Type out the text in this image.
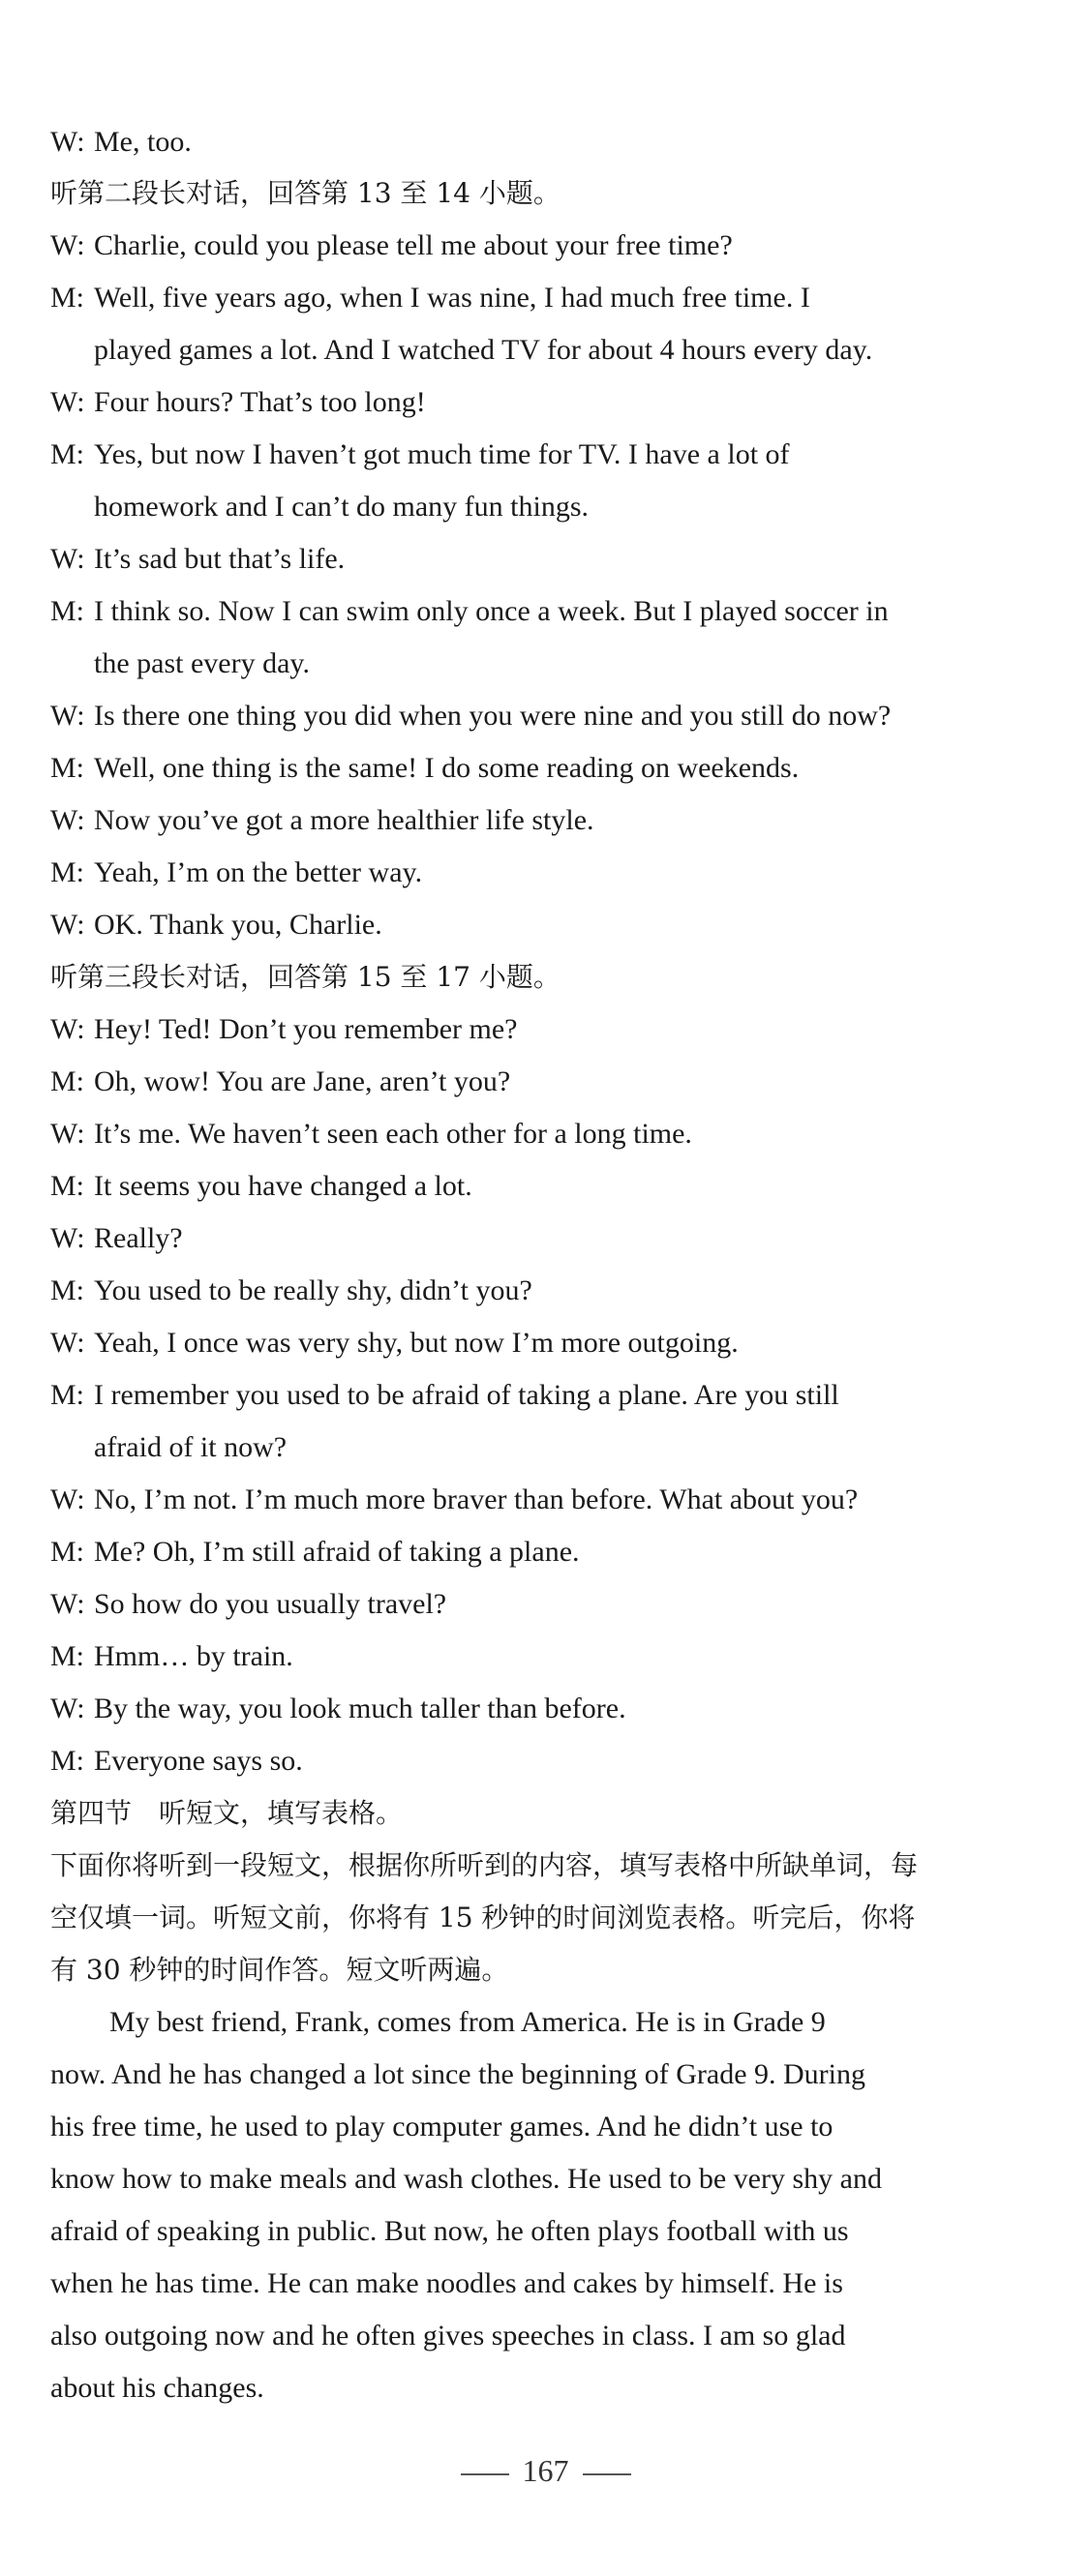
W: Me, too.
听第二段长对话，回答第 13 至 14 小题。
W: Charlie, could you please tell me about your free time?
M: Well, five years ago, when I was nine, I had much free time. I
played games a lot. And I watched TV for about 4 hours every day.
W: Four hours? That’s too long!
M: Yes, but now I haven’t got much time for TV. I have a lot of
homework and I can’t do many fun things.
W: It’s sad but that’s life.
M: I think so. Now I can swim only once a week. But I played soccer in
the past every day.
W: Is there one thing you did when you were nine and you still do now?
M: Well, one thing is the same! I do some reading on weekends.
W: Now you’ve got a more healthier life style.
M: Yeah, I’m on the better way.
W: OK. Thank you, Charlie.
听第三段长对话，回答第 15 至 17 小题。
W: Hey! Ted! Don’t you remember me?
M: Oh, wow! You are Jane, aren’t you?
W: It’s me. We haven’t seen each other for a long time.
M: It seems you have changed a lot.
W: Really?
M: You used to be really shy, didn’t you?
W: Yeah, I once was very shy, but now I’m more outgoing.
M: I remember you used to be afraid of taking a plane. Are you still
afraid of it now?
W: No, I’m not. I’m much more braver than before. What about you?
M: Me? Oh, I’m still afraid of taking a plane.
W: So how do you usually travel?
M: Hmm… by train.
W: By the way, you look much taller than before.
M: Everyone says so.
第四节　听短文，填写表格。
下面你将听到一段短文，根据你所听到的内容，填写表格中所缺单词，每
空仅填一词。听短文前，你将有 15 秒钟的时间浏览表格。听完后，你将
有 30 秒钟的时间作答。短文听两遍。
My best friend, Frank, comes from America. He is in Grade 9
now. And he has changed a lot since the beginning of Grade 9. During
his free time, he used to play computer games. And he didn’t use to
know how to make meals and wash clothes. He used to be very shy and
afraid of speaking in public. But now, he often plays football with us
when he has time. He can make noodles and cakes by himself. He is
also outgoing now and he often gives speeches in class. I am so glad
about his changes.
167
